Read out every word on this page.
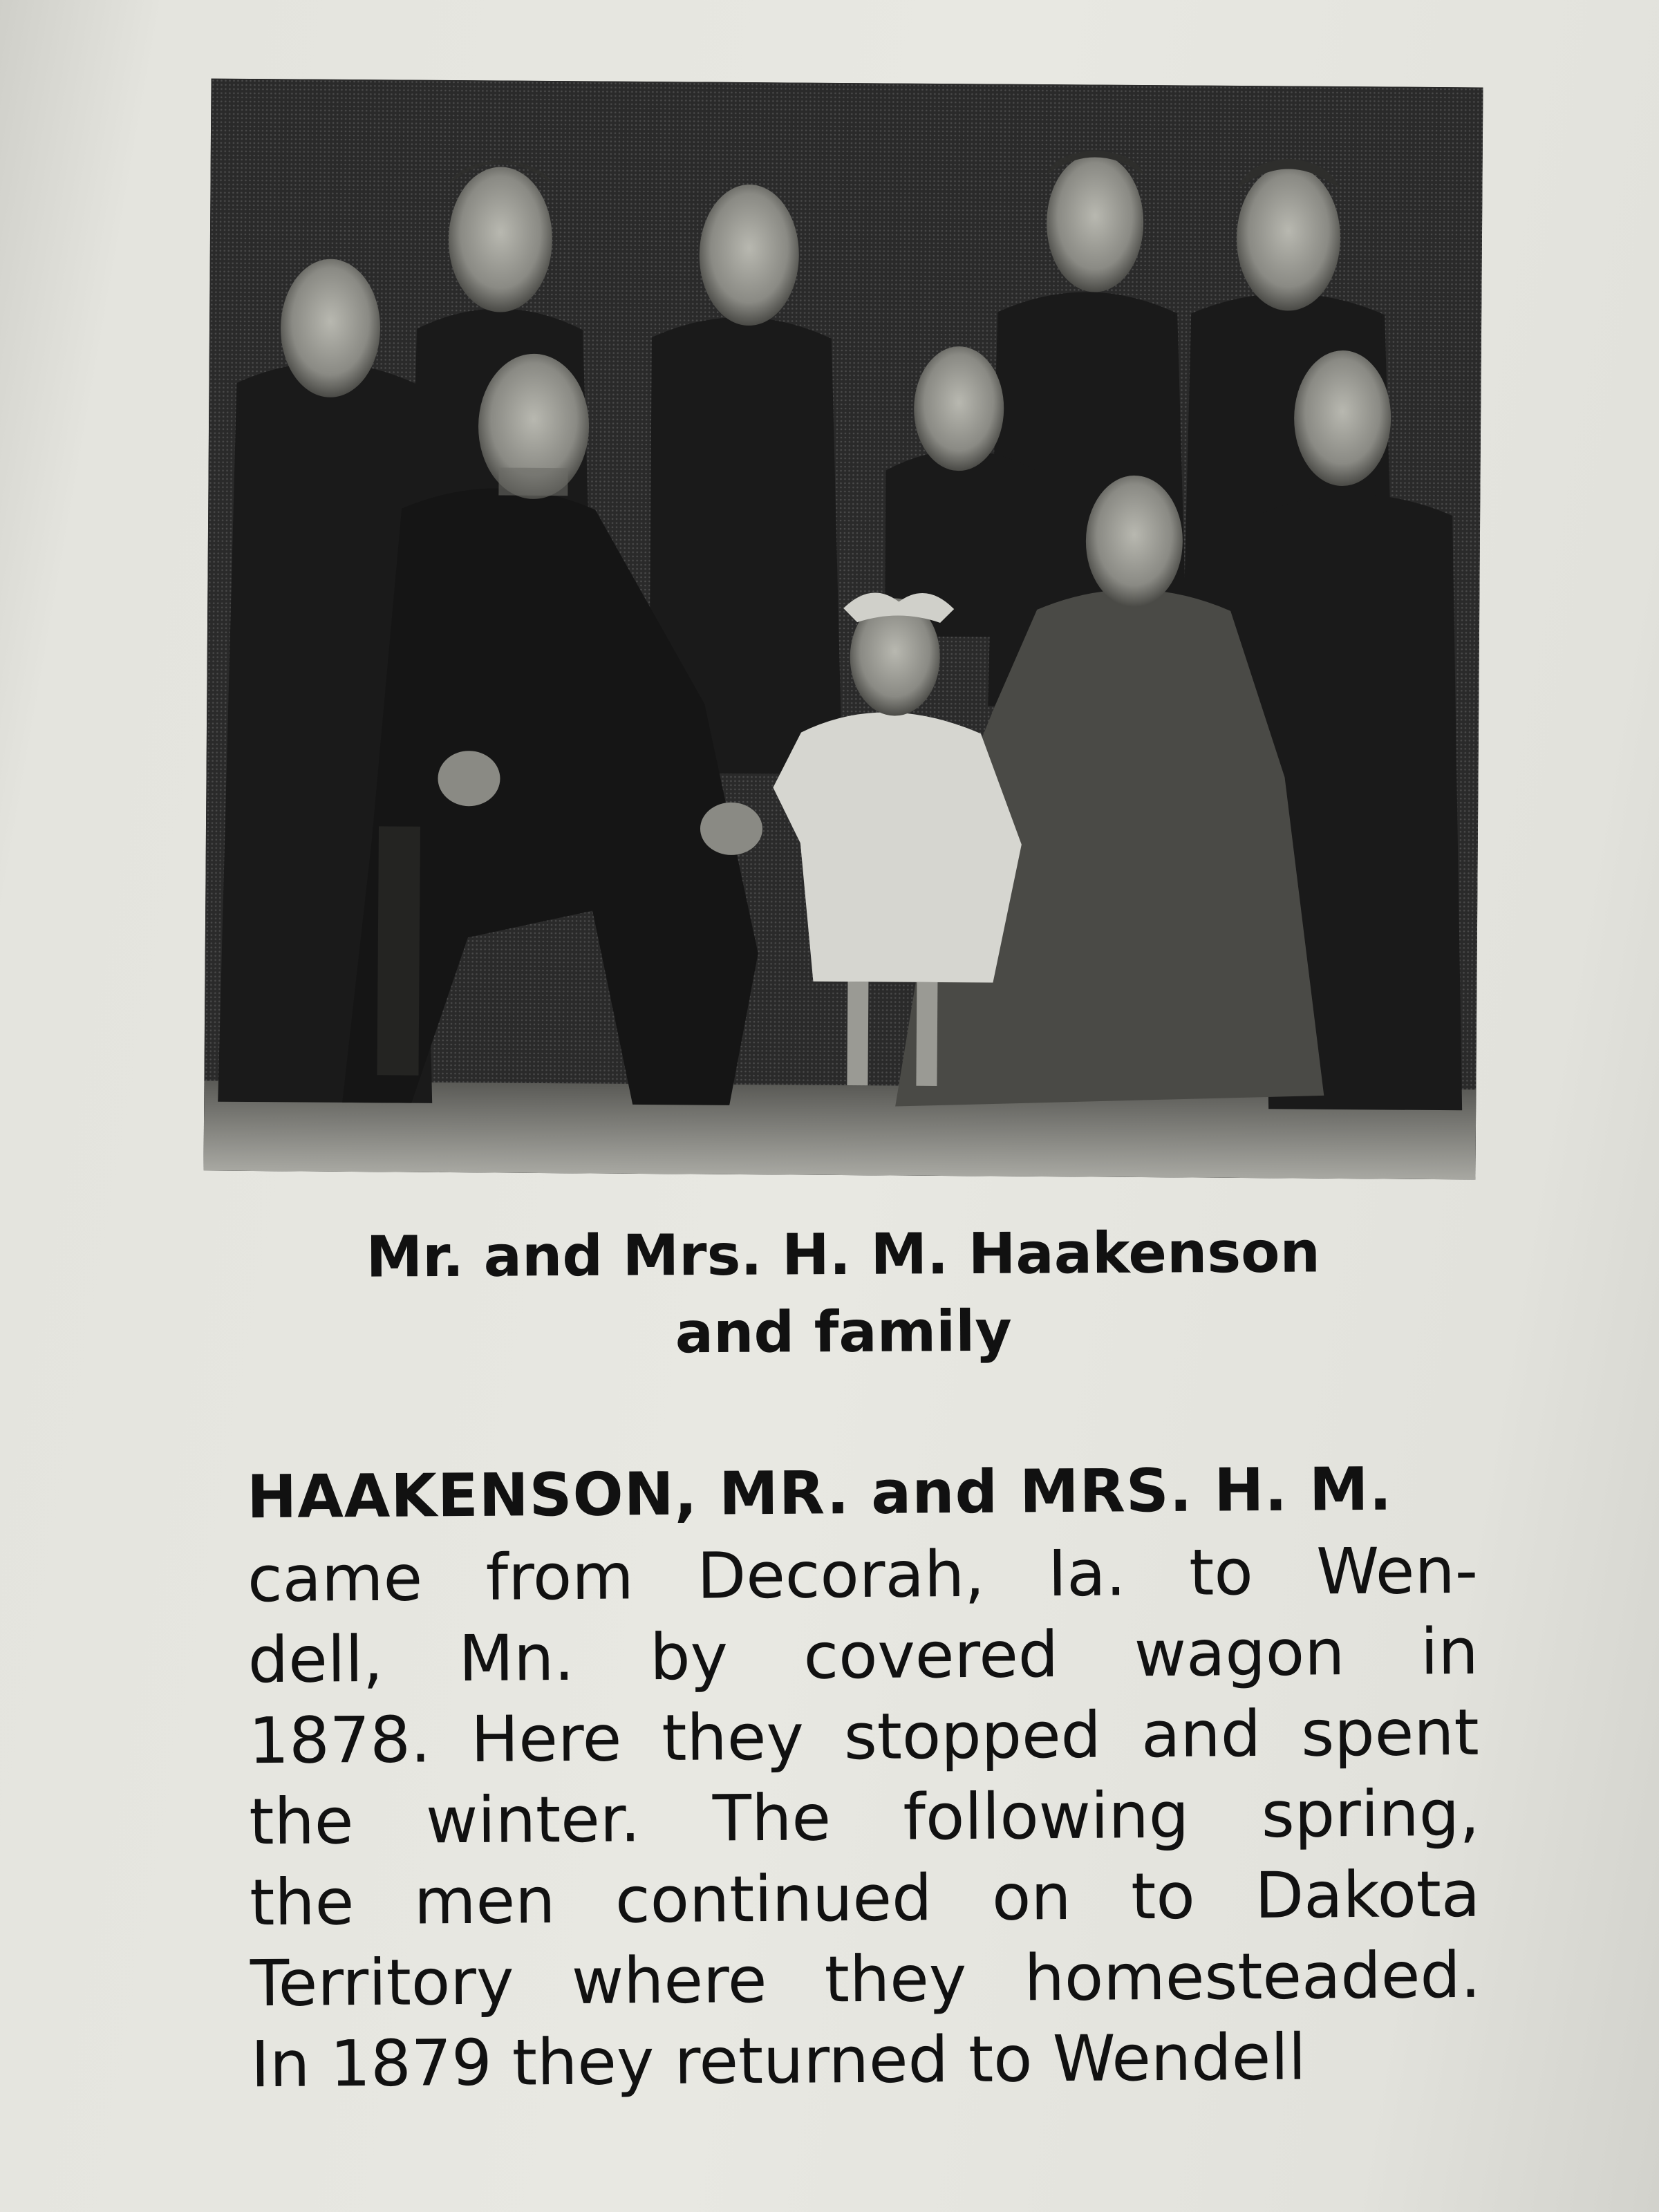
Mr. and Mrs. H. M. Haakenson
and family
HAAKENSON, MR. and MRS. H. M.
came from Decorah, Ia. to Wen-
dell, Mn. by covered wagon in
1878. Here they stopped and spent
the winter. The following spring,
the men continued on to Dakota
Territory where they homesteaded.
In 1879 they returned to Wendell
